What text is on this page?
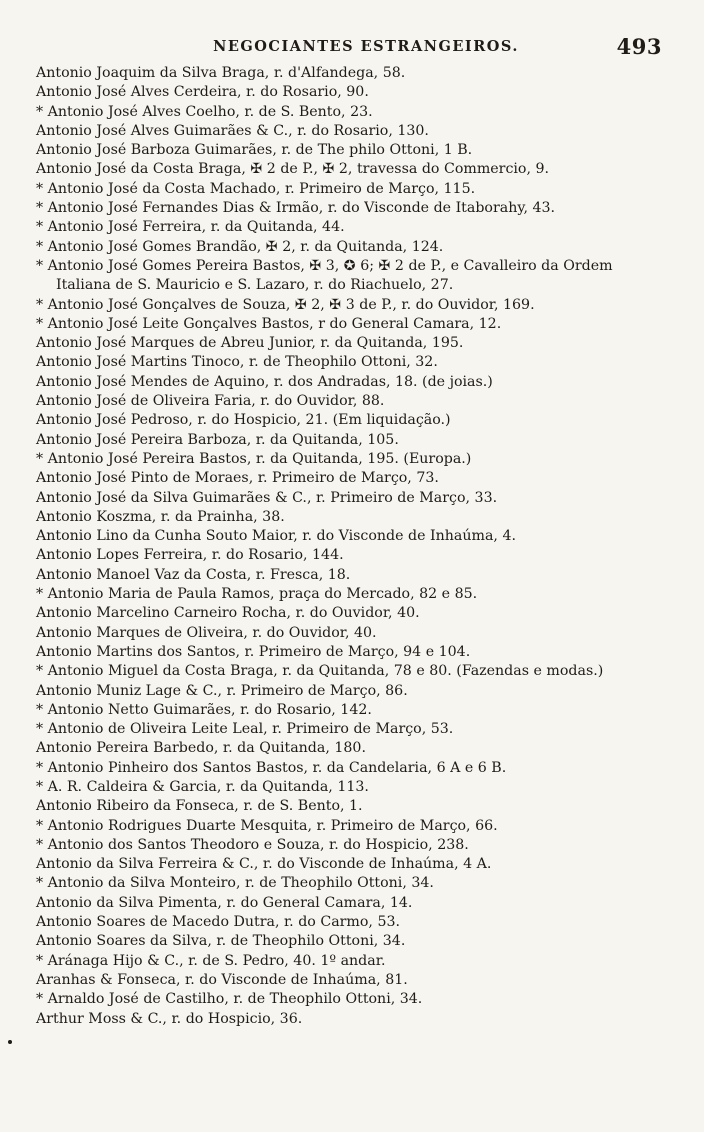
NEGOCIANTES ESTRANGEIROS.	493

Antonio Joaquim da Silva Braga, r. d'Alfandega, 58.

Antonio José Alves Cerdeira, r. do Rosario, 90.

* Antonio José Alves Coelho, r. de S. Bento, 23.

Antonio José Alves Guimarães & C., r. do Rosario, 130.

Antonio José Barboza Guimarães, r. de The philo Ottoni, 1 B.

Antonio José da Costa Braga, ✠ 2 de P., ✠ 2, travessa do Commercio, 9.

* Antonio José da Costa Machado, r. Primeiro de Março, 115.

* Antonio José Fernandes Dias & Irmão, r. do Visconde de Itaborahy, 43.

* Antonio José Ferreira, r. da Quitanda, 44.

* Antonio José Gomes Brandão, ✠ 2, r. da Quitanda, 124.

* Antonio José Gomes Pereira Bastos, ✠ 3, ✪ 6; ✠ 2 de P., e Cavalleiro da Ordem Italiana de S. Mauricio e S. Lazaro, r. do Riachuelo, 27.

* Antonio José Gonçalves de Souza, ✠ 2, ✠ 3 de P., r. do Ouvidor, 169.

* Antonio José Leite Gonçalves Bastos, r do General Camara, 12.

Antonio José Marques de Abreu Junior, r. da Quitanda, 195.

Antonio José Martins Tinoco, r. de Theophilo Ottoni, 32.

Antonio José Mendes de Aquino, r. dos Andradas, 18. (de joias.)

Antonio José de Oliveira Faria, r. do Ouvidor, 88.

Antonio José Pedroso, r. do Hospicio, 21. (Em liquidação.)

Antonio José Pereira Barboza, r. da Quitanda, 105.

* Antonio José Pereira Bastos, r. da Quitanda, 195. (Europa.)

Antonio José Pinto de Moraes, r. Primeiro de Março, 73.

Antonio José da Silva Guimarães & C., r. Primeiro de Março, 33.

Antonio Koszma, r. da Prainha, 38.

Antonio Lino da Cunha Souto Maior, r. do Visconde de Inhaúma, 4.

Antonio Lopes Ferreira, r. do Rosario, 144.

Antonio Manoel Vaz da Costa, r. Fresca, 18.

* Antonio Maria de Paula Ramos, praça do Mercado, 82 e 85.

Antonio Marcelino Carneiro Rocha, r. do Ouvidor, 40.

Antonio Marques de Oliveira, r. do Ouvidor, 40.

Antonio Martins dos Santos, r. Primeiro de Março, 94 e 104.

* Antonio Miguel da Costa Braga, r. da Quitanda, 78 e 80. (Fazendas e modas.)

Antonio Muniz Lage & C., r. Primeiro de Março, 86.

* Antonio Netto Guimarães, r. do Rosario, 142.

* Antonio de Oliveira Leite Leal, r. Primeiro de Março, 53.

Antonio Pereira Barbedo, r. da Quitanda, 180.

* Antonio Pinheiro dos Santos Bastos, r. da Candelaria, 6 A e 6 B.

* A. R. Caldeira & Garcia, r. da Quitanda, 113.

Antonio Ribeiro da Fonseca, r. de S. Bento, 1.

* Antonio Rodrigues Duarte Mesquita, r. Primeiro de Março, 66.

* Antonio dos Santos Theodoro e Souza, r. do Hospicio, 238.

Antonio da Silva Ferreira & C., r. do Visconde de Inhaúma, 4 A.

* Antonio da Silva Monteiro, r. de Theophilo Ottoni, 34.

Antonio da Silva Pimenta, r. do General Camara, 14.

Antonio Soares de Macedo Dutra, r. do Carmo, 53.

Antonio Soares da Silva, r. de Theophilo Ottoni, 34.

* Aránaga Hijo & C., r. de S. Pedro, 40. 1º andar.

Aranhas & Fonseca, r. do Visconde de Inhaúma, 81.

* Arnaldo José de Castilho, r. de Theophilo Ottoni, 34.

Arthur Moss & C., r. do Hospicio, 36.
